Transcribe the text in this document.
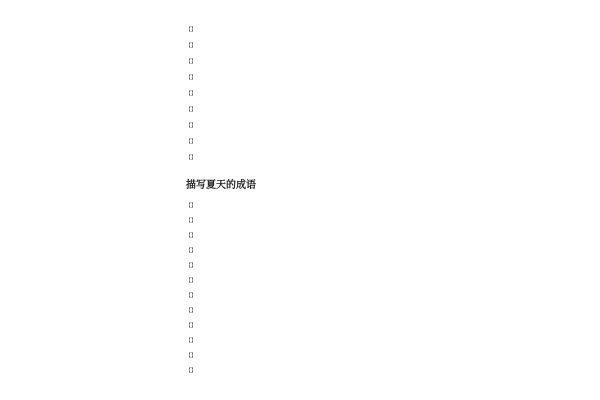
【】

【】

【】

【】

【】

【】

【】

【】

【】

描写夏天的成语

【】

【】

【】

【】

【】

【】

【】

【】

【】

【】

【】

【】
